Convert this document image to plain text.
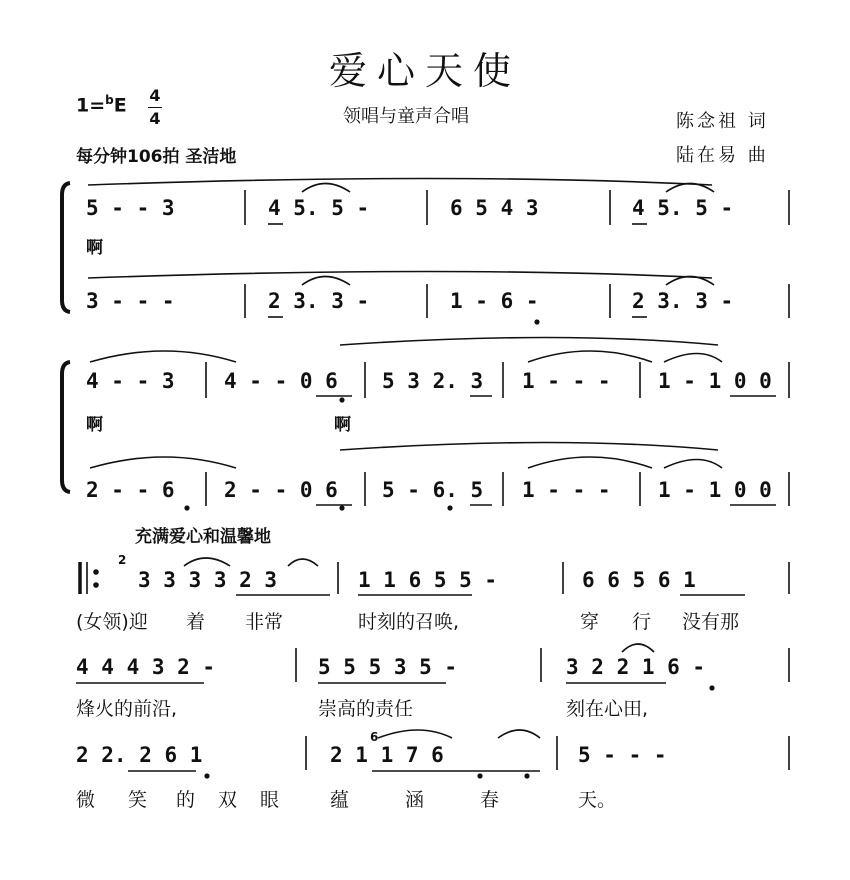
爱心天使
1=$^b$E 4
4	领唱与童声合唱	陈念祖 词
陆在易 曲
每分钟106拍 圣洁地
5 - - 3	4 5. 5 -	6 5 4 3	4 5. 5 -
啊
3 - - -	2 3. 3 -	1 - 6 -	2 3. 3 -
4 - - 3 4 - - 0 6 5 3 2. 3 1 - - - 1 - 1 0 0
啊	啊
2 - - 6 2 - - 0 6 5 - 6. 5 1 - - - 1 - 1 0 0
充满爱心和温馨地
2
3 3 3 3 2 3	1 1 6 5 5 -	6 6 5 6 1
(女领)迎 着 非常	时刻的召唤,	穿 行 没有那
4 4 4 3 2 -	5 5 5 3 5 -	3 2 2 1 6 -
烽火的前沿,	崇高的责任	刻在心田,
6
2 2. 2 6 1	2 1 1 7 6	5 - - -
微 笑 的 双 眼	蕴	涵	春	天。
